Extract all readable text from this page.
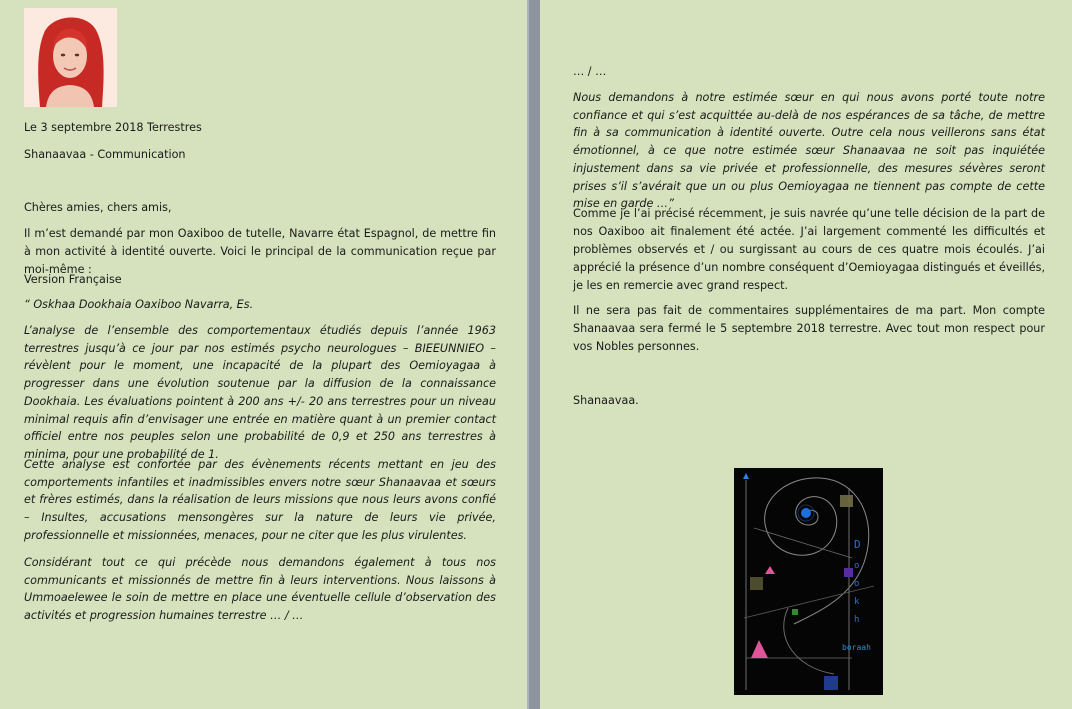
Le 3 septembre 2018 Terrestres

Shanaavaa - Communication

Chères amies, chers amis,

Il m’est demandé par mon Oaxiboo de tutelle, Navarre état Espagnol, de mettre fin à mon activité à identité ouverte. Voici le principal de la communication reçue par moi-même :

Version Française

“ Oskhaa Dookhaia Oaxiboo Navarra, Es.

L’analyse de l’ensemble des comportementaux étudiés depuis l’année 1963 terrestres jusqu’à ce jour par nos estimés psycho neurologues – BIEEUNNIEO – révèlent pour le moment, une incapacité de la plupart des Oemioyagaa à progresser dans une évolution soutenue par la diffusion de la connaissance Dookhaia. Les évaluations pointent à 200 ans +/- 20 ans terrestres pour un niveau minimal requis afin d’envisager une entrée en matière quant à un premier contact officiel entre nos peuples selon une probabilité de 0,9 et 250 ans terrestres à minima, pour une probabilité de 1.

Cette analyse est confortée par des évènements récents mettant en jeu des comportements infantiles et inadmissibles envers notre sœur Shanaavaa et sœurs et frères estimés, dans la réalisation de leurs missions que nous leurs avons confié – Insultes, accusations mensongères sur la nature de leurs vie privée, professionnelle et missionnées, menaces, pour ne citer que les plus virulentes.

Considérant tout ce qui précède nous demandons également à tous nos communicants et missionnés de mettre fin à leurs interventions. Nous laissons à Ummoaelewee le soin de mettre en place une éventuelle cellule d’observation des activités et progression humaines terrestre … / …

… / …

Nous demandons à notre estimée sœur en qui nous avons porté toute notre confiance et qui s’est acquittée au-delà de nos espérances de sa tâche, de mettre fin à sa communication à identité ouverte. Outre cela nous veillerons sans état émotionnel, à ce que notre estimée sœur Shanaavaa ne soit pas inquiétée injustement dans sa vie privée et professionnelle, des mesures sévères seront prises s’il s’avérait que un ou plus Oemioyagaa ne tiennent pas compte de cette mise en garde …”

Comme je l’ai précisé récemment, je suis navrée qu’une telle décision de la part de nos Oaxiboo ait finalement été actée. J’ai largement commenté les difficultés et problèmes observés et / ou surgissant au cours de ces quatre mois écoulés. J’ai apprécié la présence d’un nombre conséquent d’Oemioyagaa distingués et éveillés, je les en remercie avec grand respect.

Il ne sera pas fait de commentaires supplémentaires de ma part. Mon compte Shanaavaa sera fermé le 5 septembre 2018 terrestre. Avec tout mon respect pour vos Nobles personnes.

Shanaavaa.

D
o
o
k
h
boraah
